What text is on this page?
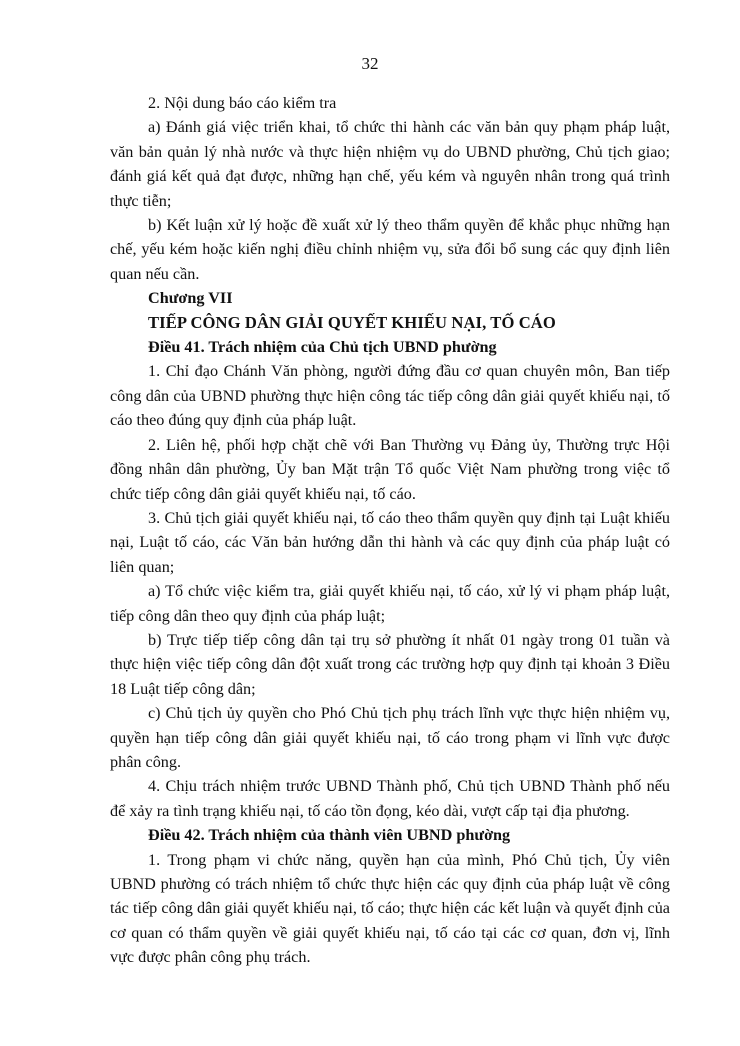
32

2. Nội dung báo cáo kiểm tra

a) Đánh giá việc triển khai, tổ chức thi hành các văn bản quy phạm pháp luật, văn bản quản lý nhà nước và thực hiện nhiệm vụ do UBND phường, Chủ tịch giao; đánh giá kết quả đạt được, những hạn chế, yếu kém và nguyên nhân trong quá trình thực tiễn;

b) Kết luận xử lý hoặc đề xuất xử lý theo thẩm quyền để khắc phục những hạn chế, yếu kém hoặc kiến nghị điều chỉnh nhiệm vụ, sửa đổi bổ sung các quy định liên quan nếu cần.

Chương VII

TIẾP CÔNG DÂN GIẢI QUYẾT KHIẾU NẠI, TỐ CÁO

Điều 41. Trách nhiệm của Chủ tịch UBND phường

1. Chỉ đạo Chánh Văn phòng, người đứng đầu cơ quan chuyên môn, Ban tiếp công dân của UBND phường thực hiện công tác tiếp công dân giải quyết khiếu nại, tố cáo theo đúng quy định của pháp luật.

2. Liên hệ, phối hợp chặt chẽ với Ban Thường vụ Đảng ủy, Thường trực Hội đồng nhân dân phường, Ủy ban Mặt trận Tổ quốc Việt Nam phường trong việc tổ chức tiếp công dân giải quyết khiếu nại, tố cáo.

3. Chủ tịch giải quyết khiếu nại, tố cáo theo thẩm quyền quy định tại Luật khiếu nại, Luật tố cáo, các Văn bản hướng dẫn thi hành và các quy định của pháp luật có liên quan;

a) Tổ chức việc kiểm tra, giải quyết khiếu nại, tố cáo, xử lý vi phạm pháp luật, tiếp công dân theo quy định của pháp luật;

b) Trực tiếp tiếp công dân tại trụ sở phường ít nhất 01 ngày trong 01 tuần và thực hiện việc tiếp công dân đột xuất trong các trường hợp quy định tại khoản 3 Điều 18 Luật tiếp công dân;

c) Chủ tịch ủy quyền cho Phó Chủ tịch phụ trách lĩnh vực thực hiện nhiệm vụ, quyền hạn tiếp công dân giải quyết khiếu nại, tố cáo trong phạm vi lĩnh vực được phân công.

4. Chịu trách nhiệm trước UBND Thành phố, Chủ tịch UBND Thành phố nếu để xảy ra tình trạng khiếu nại, tố cáo tồn đọng, kéo dài, vượt cấp tại địa phương.

Điều 42. Trách nhiệm của thành viên UBND phường

1. Trong phạm vi chức năng, quyền hạn của mình, Phó Chủ tịch, Ủy viên UBND phường có trách nhiệm tổ chức thực hiện các quy định của pháp luật về công tác tiếp công dân giải quyết khiếu nại, tố cáo; thực hiện các kết luận và quyết định của cơ quan có thẩm quyền về giải quyết khiếu nại, tố cáo tại các cơ quan, đơn vị, lĩnh vực được phân công phụ trách.
